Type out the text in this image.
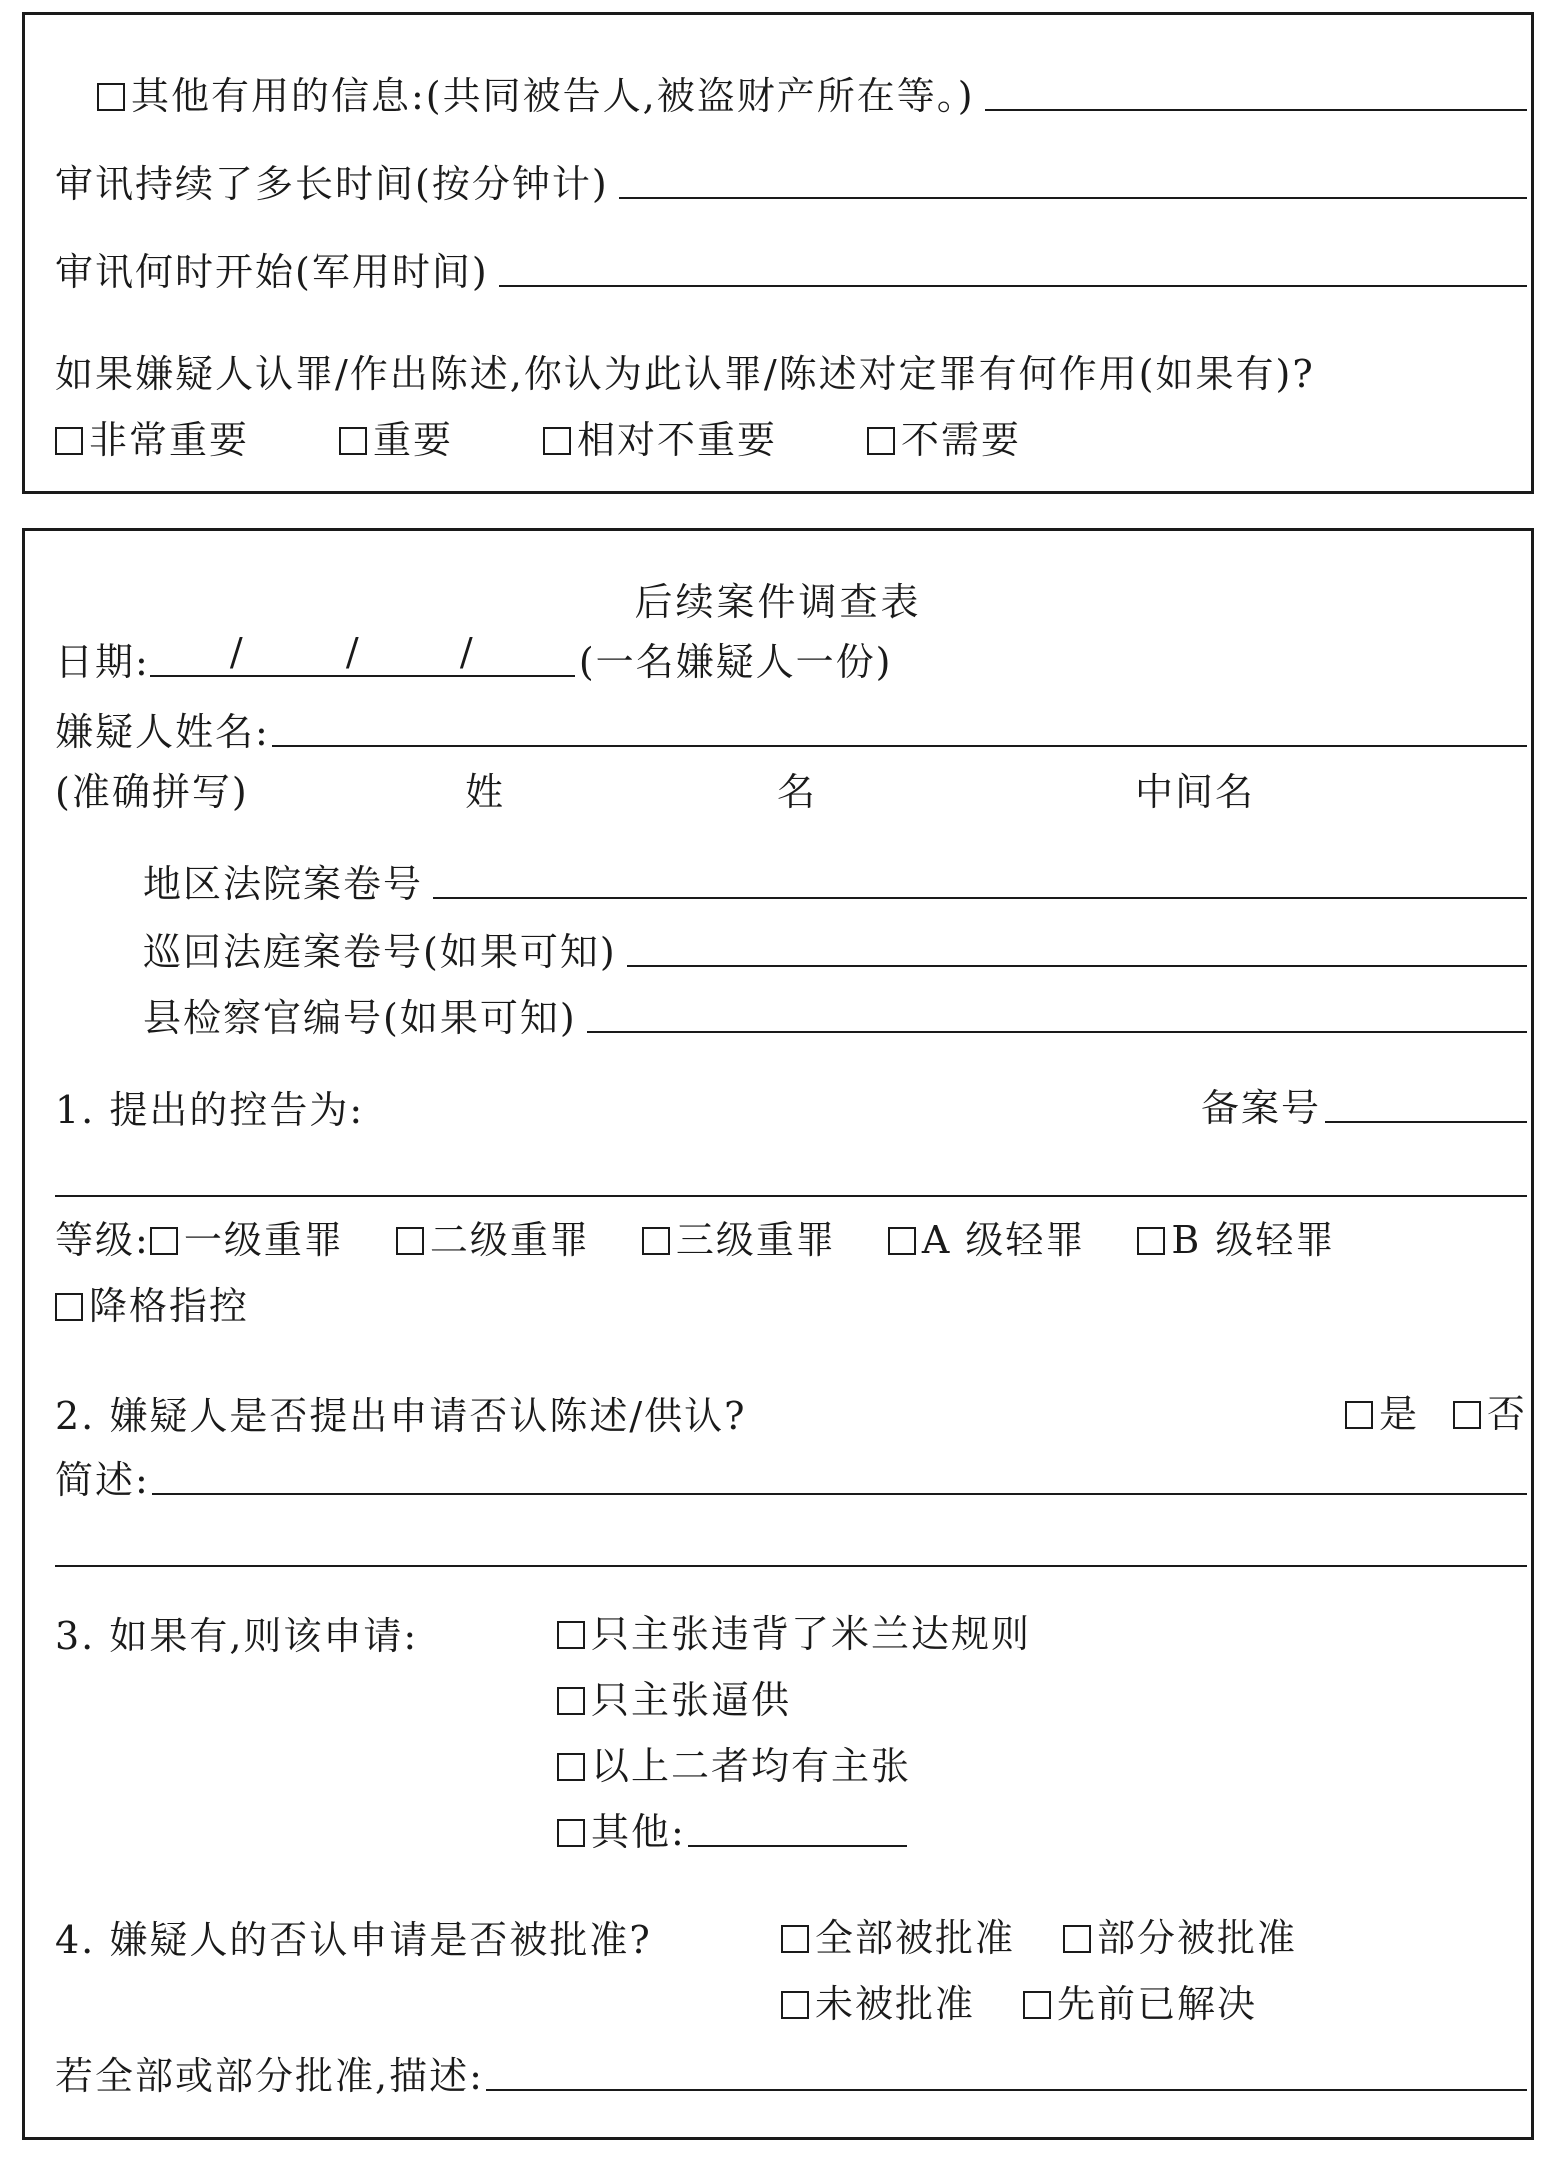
其他有用的信息:(共同被告人,被盗财产所在等。)
审讯持续了多长时间(按分钟计)
审讯何时开始(军用时间)
如果嫌疑人认罪/作出陈述,你认为此认罪/陈述对定罪有何作用(如果有)?
非常重要	重要	相对不重要	不需要
后续案件调查表
日期: /	/	/	(一名嫌疑人一份)
嫌疑人姓名:
(准确拼写)	姓	名	中间名
地区法院案卷号
巡回法庭案卷号(如果可知)
县检察官编号(如果可知)
1. 提出的控告为:	备案号
等级: 一级重罪 二级重罪 三级重罪 A 级轻罪 B 级轻罪
降格指控
2. 嫌疑人是否提出申请否认陈述/供认?	是 否
简述:
3. 如果有,则该申请:	只主张违背了米兰达规则
只主张逼供
以上二者均有主张
其他:
4. 嫌疑人的否认申请是否被批准?	全部被批准 部分被批准
未被批准 先前已解决
若全部或部分批准,描述:
